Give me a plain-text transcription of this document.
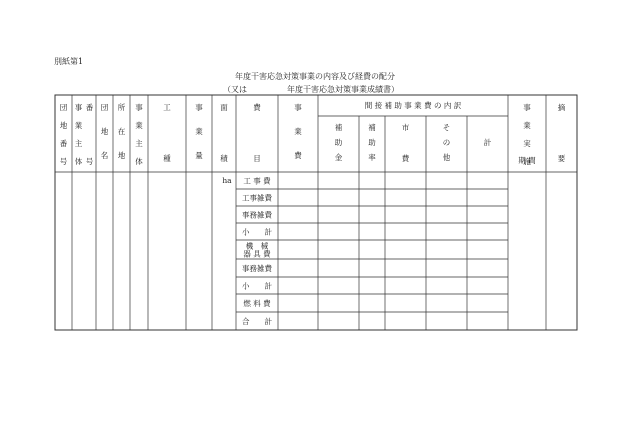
別紙第1
年度干害応急対策事業の内容及び経費の配分
（又は	年度干害応急対策事業成績書）
団
地
番
号
事
業
主
体
番
号
団
地
名
所
在
地
事
業
主
体
工
種
事
業
量
面
積
費
目
事
業
費
間 接 補 助 事 業 費 の 内 訳
補
助
金
補
助
率
市
費
そ
の
他
計
事
業
実
施
期 間
摘
要
ha 工 事 費
工事雑費
事務雑費
小　　計
機　械
器 具 費
事務雑費
小　　計
燃 料 費
合　　計
